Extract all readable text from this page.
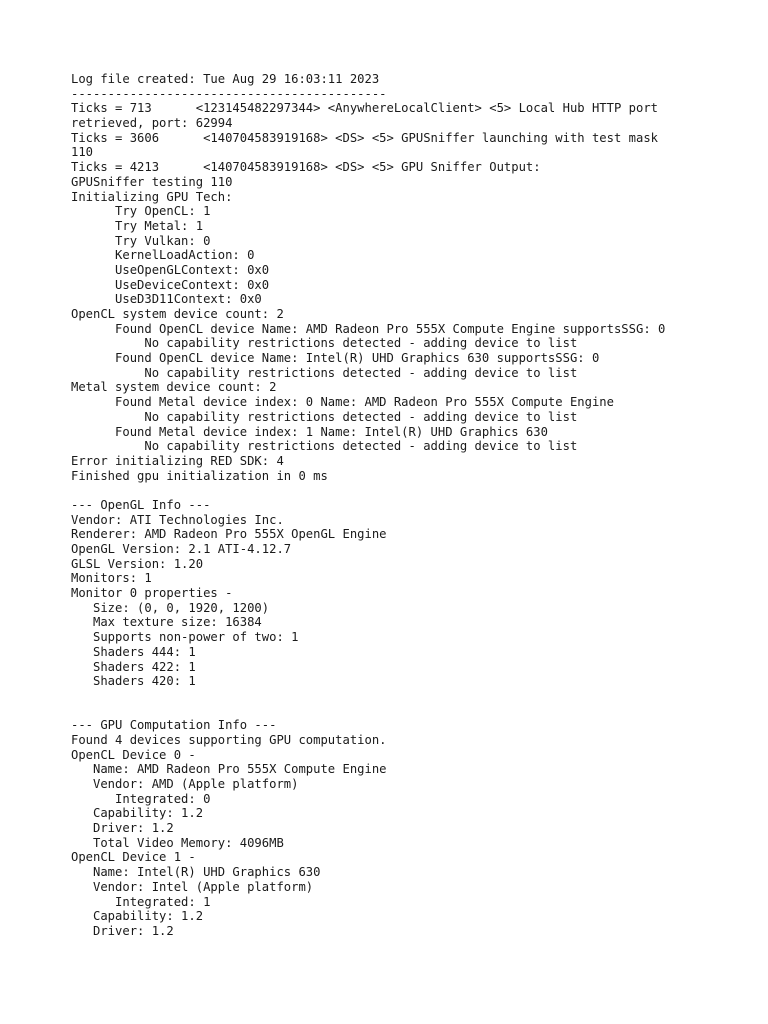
Log file created: Tue Aug 29 16:03:11 2023
-------------------------------------------
Ticks = 713      <123145482297344> <AnywhereLocalClient> <5> Local Hub HTTP port
retrieved, port: 62994
Ticks = 3606      <140704583919168> <DS> <5> GPUSniffer launching with test mask
110
Ticks = 4213      <140704583919168> <DS> <5> GPU Sniffer Output:
GPUSniffer testing 110
Initializing GPU Tech:
Try OpenCL: 1
Try Metal: 1
Try Vulkan: 0
KernelLoadAction: 0
UseOpenGLContext: 0x0
UseDeviceContext: 0x0
UseD3D11Context: 0x0
OpenCL system device count: 2
Found OpenCL device Name: AMD Radeon Pro 555X Compute Engine supportsSSG: 0
No capability restrictions detected - adding device to list
Found OpenCL device Name: Intel(R) UHD Graphics 630 supportsSSG: 0
No capability restrictions detected - adding device to list
Metal system device count: 2
Found Metal device index: 0 Name: AMD Radeon Pro 555X Compute Engine
No capability restrictions detected - adding device to list
Found Metal device index: 1 Name: Intel(R) UHD Graphics 630
No capability restrictions detected - adding device to list
Error initializing RED SDK: 4
Finished gpu initialization in 0 ms
--- OpenGL Info ---
Vendor: ATI Technologies Inc.
Renderer: AMD Radeon Pro 555X OpenGL Engine
OpenGL Version: 2.1 ATI-4.12.7
GLSL Version: 1.20
Monitors: 1
Monitor 0 properties -
Size: (0, 0, 1920, 1200)
Max texture size: 16384
Supports non-power of two: 1
Shaders 444: 1
Shaders 422: 1
Shaders 420: 1
--- GPU Computation Info ---
Found 4 devices supporting GPU computation.
OpenCL Device 0 -
Name: AMD Radeon Pro 555X Compute Engine
Vendor: AMD (Apple platform)
Integrated: 0
Capability: 1.2
Driver: 1.2
Total Video Memory: 4096MB
OpenCL Device 1 -
Name: Intel(R) UHD Graphics 630
Vendor: Intel (Apple platform)
Integrated: 1
Capability: 1.2
Driver: 1.2
